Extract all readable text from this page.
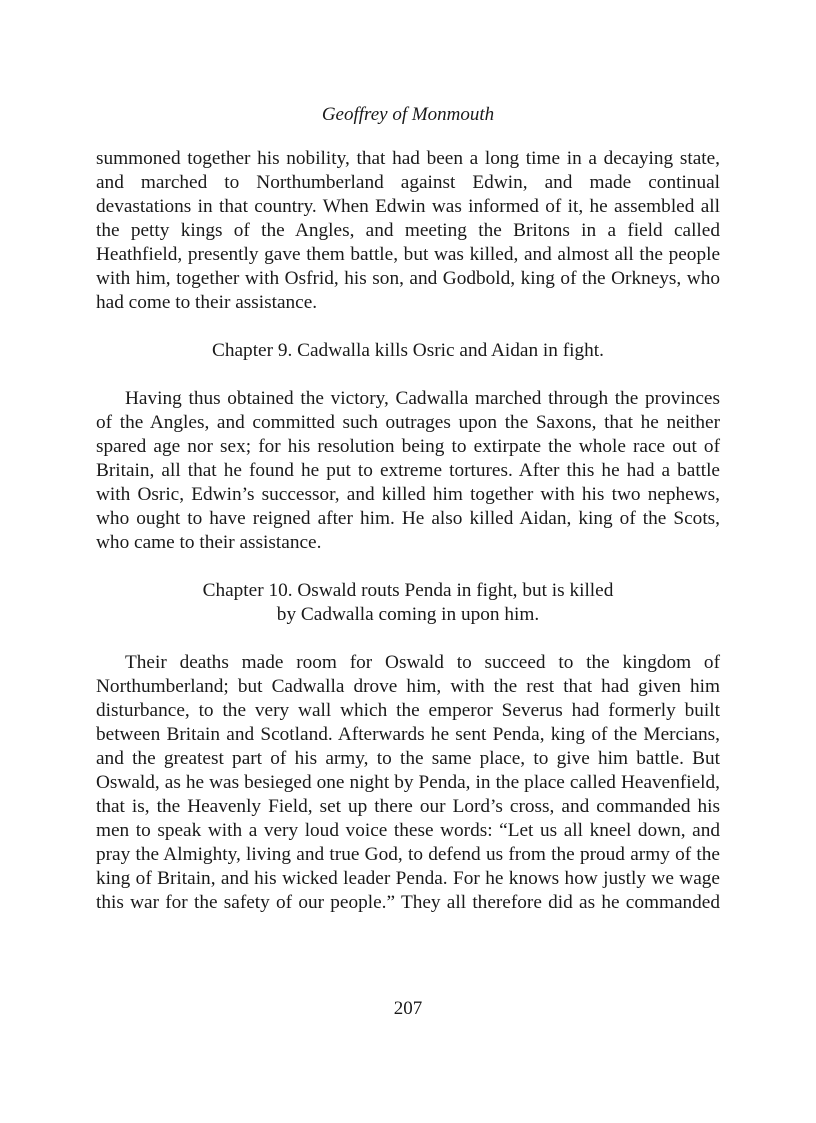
Geoffrey of Monmouth

summoned together his nobility, that had been a long time in a decaying state, and marched to Northumberland against Edwin, and made continual devastations in that country. When Edwin was informed of it, he assembled all the petty kings of the Angles, and meeting the Britons in a field called Heathfield, presently gave them battle, but was killed, and almost all the people with him, together with Osfrid, his son, and Godbold, king of the Orkneys, who had come to their assistance.

Chapter 9. Cadwalla kills Osric and Aidan in fight.

Having thus obtained the victory, Cadwalla marched through the provinces of the Angles, and committed such outrages upon the Saxons, that he neither spared age nor sex; for his resolution being to extirpate the whole race out of Britain, all that he found he put to extreme tortures. After this he had a battle with Osric, Edwin’s successor, and killed him together with his two nephews, who ought to have reigned after him. He also killed Aidan, king of the Scots, who came to their assistance.

Chapter 10. Oswald routs Penda in fight, but is killed

by Cadwalla coming in upon him.

Their deaths made room for Oswald to succeed to the kingdom of Northumberland; but Cadwalla drove him, with the rest that had given him disturbance, to the very wall which the emperor Severus had formerly built between Britain and Scotland. Afterwards he sent Penda, king of the Mercians, and the greatest part of his army, to the same place, to give him battle. But Oswald, as he was besieged one night by Penda, in the place called Heavenfield, that is, the Heavenly Field, set up there our Lord’s cross, and commanded his men to speak with a very loud voice these words: “Let us all kneel down, and pray the Almighty, living and true God, to defend us from the proud army of the king of Britain, and his wicked leader Penda. For he knows how justly we wage this war for the safety of our people.” They all therefore did as he commanded

207
